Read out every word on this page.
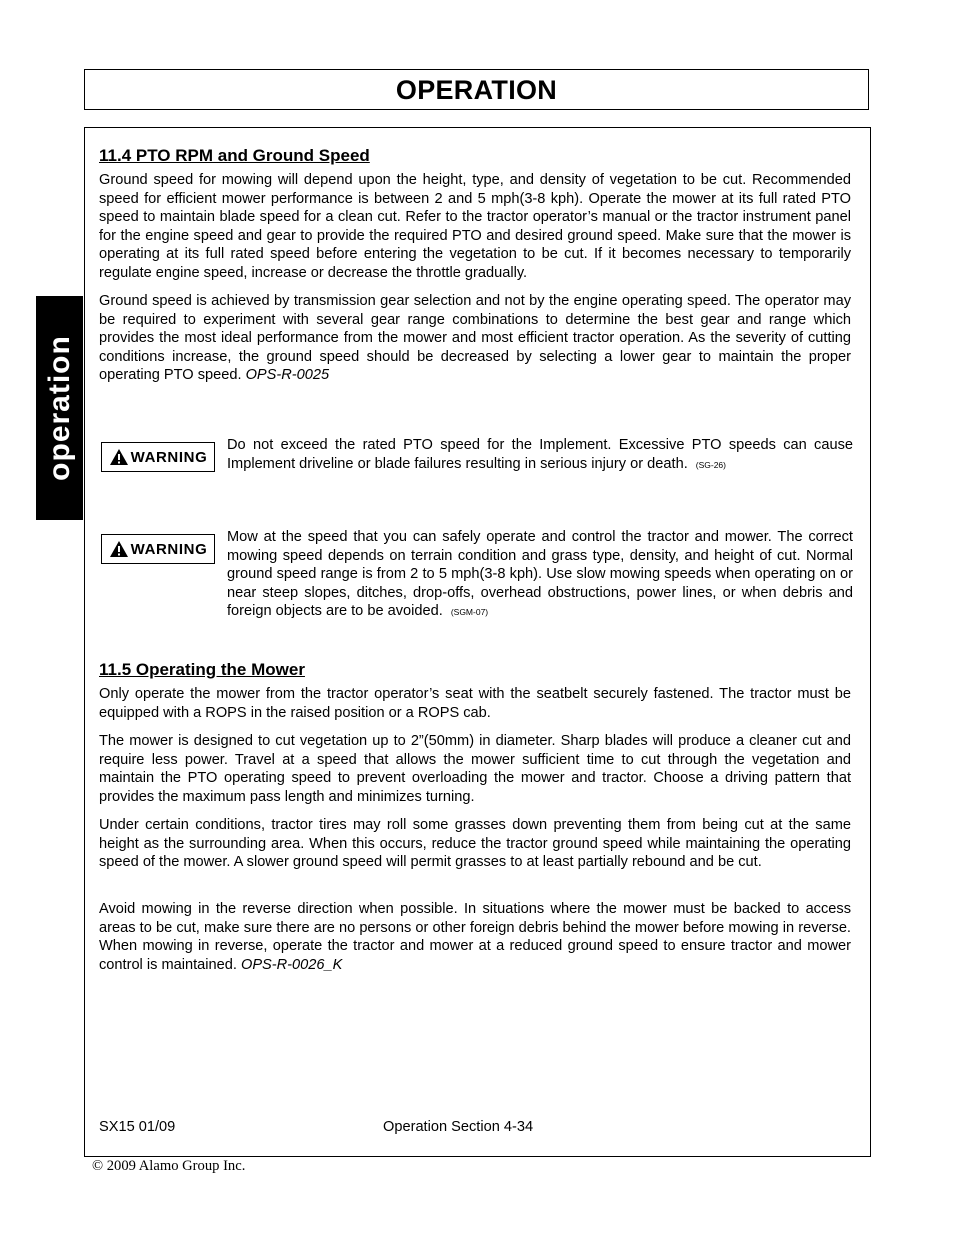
OPERATION
operation
11.4 PTO RPM and Ground Speed

Ground speed for mowing will depend upon the height, type, and density of vegetation to be cut. Recommended speed for efficient mower performance is between 2 and 5 mph(3-8 kph). Operate the mower at its full rated PTO speed to maintain blade speed for a clean cut. Refer to the tractor operator’s manual or the tractor instrument panel for the engine speed and gear to provide the required PTO and desired ground speed. Make sure that the mower is operating at its full rated speed before entering the vegetation to be cut. If it becomes necessary to temporarily regulate engine speed, increase or decrease the throttle gradually.

Ground speed is achieved by transmission gear selection and not by the engine operating speed. The operator may be required to experiment with several gear range combinations to determine the best gear and range which provides the most ideal performance from the mower and most efficient tractor operation. As the severity of cutting conditions increase, the ground speed should be decreased by selecting a lower gear to maintain the proper operating PTO speed. OPS-R-0025

WARNING

Do not exceed the rated PTO speed for the Implement. Excessive PTO speeds can cause Implement driveline or blade failures resulting in serious injury or death. (SG-26)

WARNING

Mow at the speed that you can safely operate and control the tractor and mower. The correct mowing speed depends on terrain condition and grass type, density, and height of cut. Normal ground speed range is from 2 to 5 mph(3-8 kph). Use slow mowing speeds when operating on or near steep slopes, ditches, drop-offs, overhead obstructions, power lines, or when debris and foreign objects are to be avoided. (SGM-07)

11.5 Operating the Mower

Only operate the mower from the tractor operator’s seat with the seatbelt securely fastened. The tractor must be equipped with a ROPS in the raised position or a ROPS cab.

The mower is designed to cut vegetation up to 2”(50mm) in diameter. Sharp blades will produce a cleaner cut and require less power. Travel at a speed that allows the mower sufficient time to cut through the vegetation and maintain the PTO operating speed to prevent overloading the mower and tractor. Choose a driving pattern that provides the maximum pass length and minimizes turning.

Under certain conditions, tractor tires may roll some grasses down preventing them from being cut at the same height as the surrounding area. When this occurs, reduce the tractor ground speed while maintaining the operating speed of the mower. A slower ground speed will permit grasses to at least partially rebound and be cut.

Avoid mowing in the reverse direction when possible. In situations where the mower must be backed to access areas to be cut, make sure there are no persons or other foreign debris behind the mower before mowing in reverse. When mowing in reverse, operate the tractor and mower at a reduced ground speed to ensure tractor and mower control is maintained. OPS-R-0026_K

SX15 01/09	Operation Section 4-34
© 2009 Alamo Group Inc.
